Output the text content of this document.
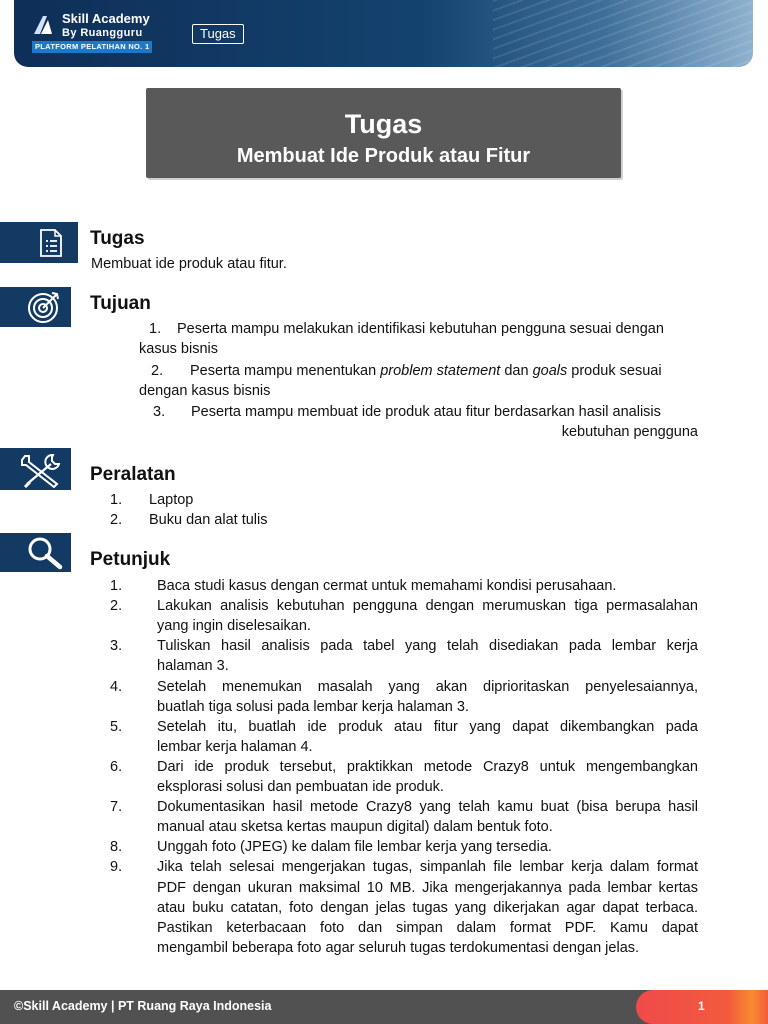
Skill Academy
By Ruangguru
PLATFORM PELATIHAN NO. 1
Tugas
Tugas
Membuat Ide Produk atau Fitur
Tugas
Membuat ide produk atau fitur.
Tujuan
1. Peserta mampu melakukan identifikasi kebutuhan pengguna sesuai dengan
kasus bisnis
2. Peserta mampu menentukan problem statement dan goals produk sesuai
dengan kasus bisnis
3. Peserta mampu membuat ide produk atau fitur berdasarkan hasil analisis
kebutuhan pengguna
Peralatan
1. Laptop
2. Buku dan alat tulis
Petunjuk
1. Baca studi kasus dengan cermat untuk memahami kondisi perusahaan.
2. Lakukan analisis kebutuhan pengguna dengan merumuskan tiga permasalahan
yang ingin diselesaikan.
3. Tuliskan hasil analisis pada tabel yang telah disediakan pada lembar kerja
halaman 3.
4. Setelah menemukan masalah yang akan diprioritaskan penyelesaiannya,
buatlah tiga solusi pada lembar kerja halaman 3.
5. Setelah itu, buatlah ide produk atau fitur yang dapat dikembangkan pada
lembar kerja halaman 4.
6. Dari ide produk tersebut, praktikkan metode Crazy8 untuk mengembangkan
eksplorasi solusi dan pembuatan ide produk.
7. Dokumentasikan hasil metode Crazy8 yang telah kamu buat (bisa berupa hasil
manual atau sketsa kertas maupun digital) dalam bentuk foto.
8. Unggah foto (JPEG) ke dalam file lembar kerja yang tersedia.
9. Jika telah selesai mengerjakan tugas, simpanlah file lembar kerja dalam format
PDF dengan ukuran maksimal 10 MB. Jika mengerjakannya pada lembar kertas
atau buku catatan, foto dengan jelas tugas yang dikerjakan agar dapat terbaca.
Pastikan keterbacaan foto dan simpan dalam format PDF. Kamu dapat
mengambil beberapa foto agar seluruh tugas terdokumentasi dengan jelas.
©Skill Academy | PT Ruang Raya Indonesia	1
